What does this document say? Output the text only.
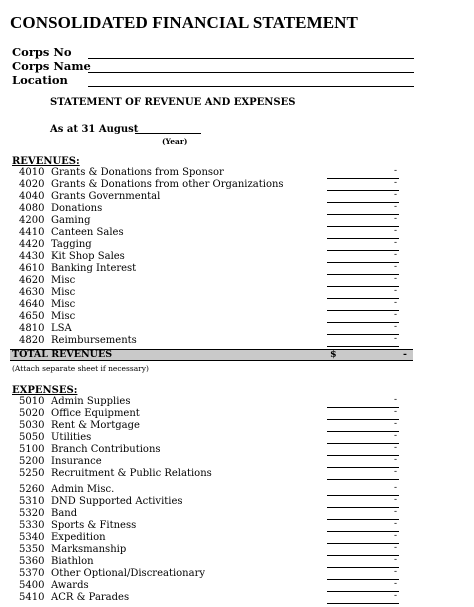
CONSOLIDATED FINANCIAL STATEMENT
Corps No
Corps Name
Location
STATEMENT OF REVENUE AND EXPENSES
As at 31 August
(Year)
REVENUES:
4010 Grants & Donations from Sponsor	-
4020 Grants & Donations from other Organizations	-
4040 Grants Governmental	-
4080 Donations	-
4200 Gaming	-
4410 Canteen Sales	-
4420 Tagging	-
4430 Kit Shop Sales	-
4610 Banking Interest	-
4620 Misc	-
4630 Misc	-
4640 Misc	-
4650 Misc	-
4810 LSA	-
4820 Reimbursements	-
TOTAL REVENUES	$	-
(Attach separate sheet if necessary)
EXPENSES:
5010 Admin Supplies	-
5020 Office Equipment	-
5030 Rent & Mortgage	-
5050 Utilities	-
5100 Branch Contributions	-
5200 Insurance	-
5250 Recruitment & Public Relations	-
5260 Admin Misc.	-
5310 DND Supported Activities	-
5320 Band	-
5330 Sports & Fitness	-
5340 Expedition	-
5350 Marksmanship	-
5360 Biathlon	-
5370 Other Optional/Discreationary	-
5400 Awards	-
5410 ACR & Parades	-
